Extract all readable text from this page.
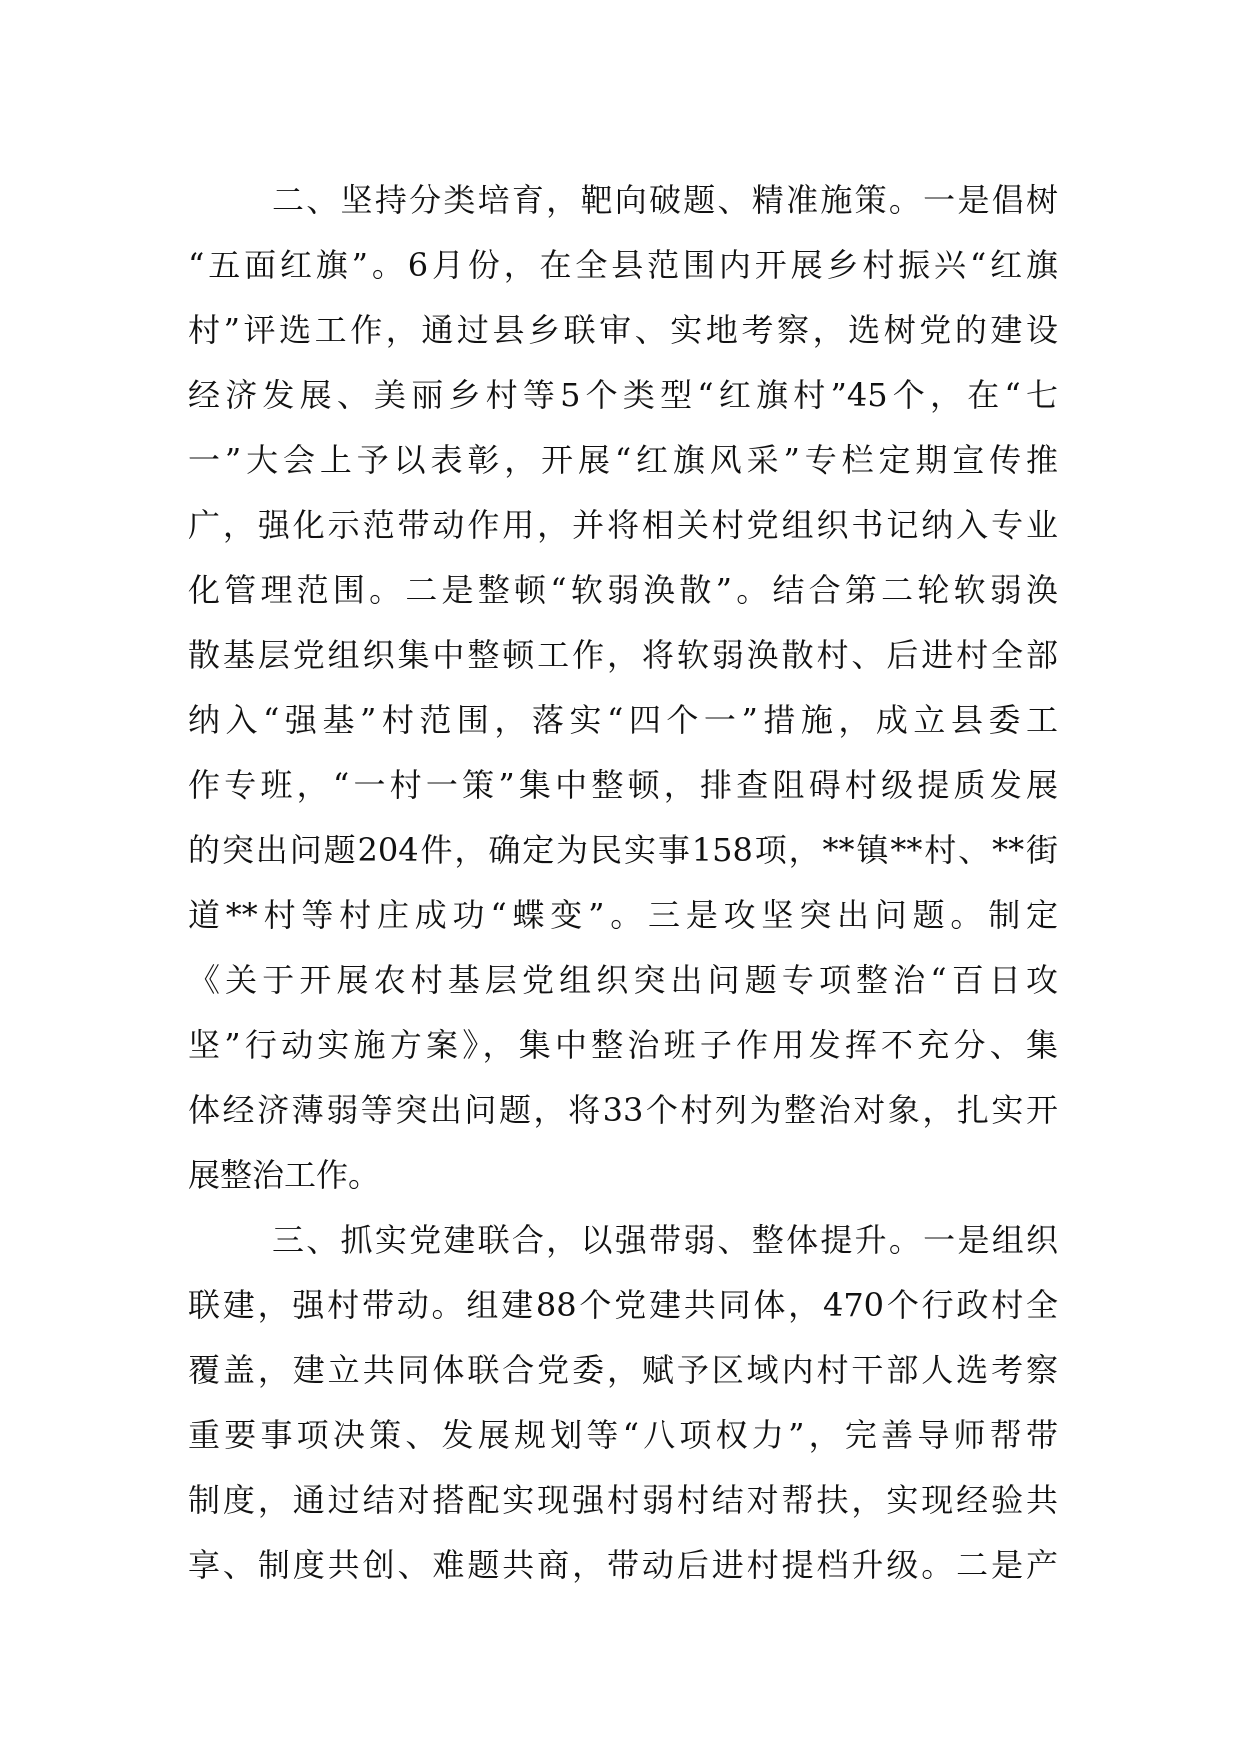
二、坚持分类培育，靶向破题、精准施策。一是倡树
“五面红旗”。6月份，在全县范围内开展乡村振兴“红旗
村”评选工作，通过县乡联审、实地考察，选树党的建设
经济发展、美丽乡村等5个类型“红旗村”45个，在“七
一”大会上予以表彰，开展“红旗风采”专栏定期宣传推
广，强化示范带动作用，并将相关村党组织书记纳入专业
化管理范围。二是整顿“软弱涣散”。结合第二轮软弱涣
散基层党组织集中整顿工作，将软弱涣散村、后进村全部
纳入“强基”村范围，落实“四个一”措施，成立县委工
作专班，“一村一策”集中整顿，排查阻碍村级提质发展
的突出问题204件，确定为民实事158项，**镇**村、**街
道**村等村庄成功“蝶变”。三是攻坚突出问题。制定
《关于开展农村基层党组织突出问题专项整治“百日攻
坚”行动实施方案》，集中整治班子作用发挥不充分、集
体经济薄弱等突出问题，将33个村列为整治对象，扎实开
展整治工作。
三、抓实党建联合，以强带弱、整体提升。一是组织
联建，强村带动。组建88个党建共同体，470个行政村全
覆盖，建立共同体联合党委，赋予区域内村干部人选考察
重要事项决策、发展规划等“八项权力”，完善导师帮带
制度，通过结对搭配实现强村弱村结对帮扶，实现经验共
享、制度共创、难题共商，带动后进村提档升级。二是产
